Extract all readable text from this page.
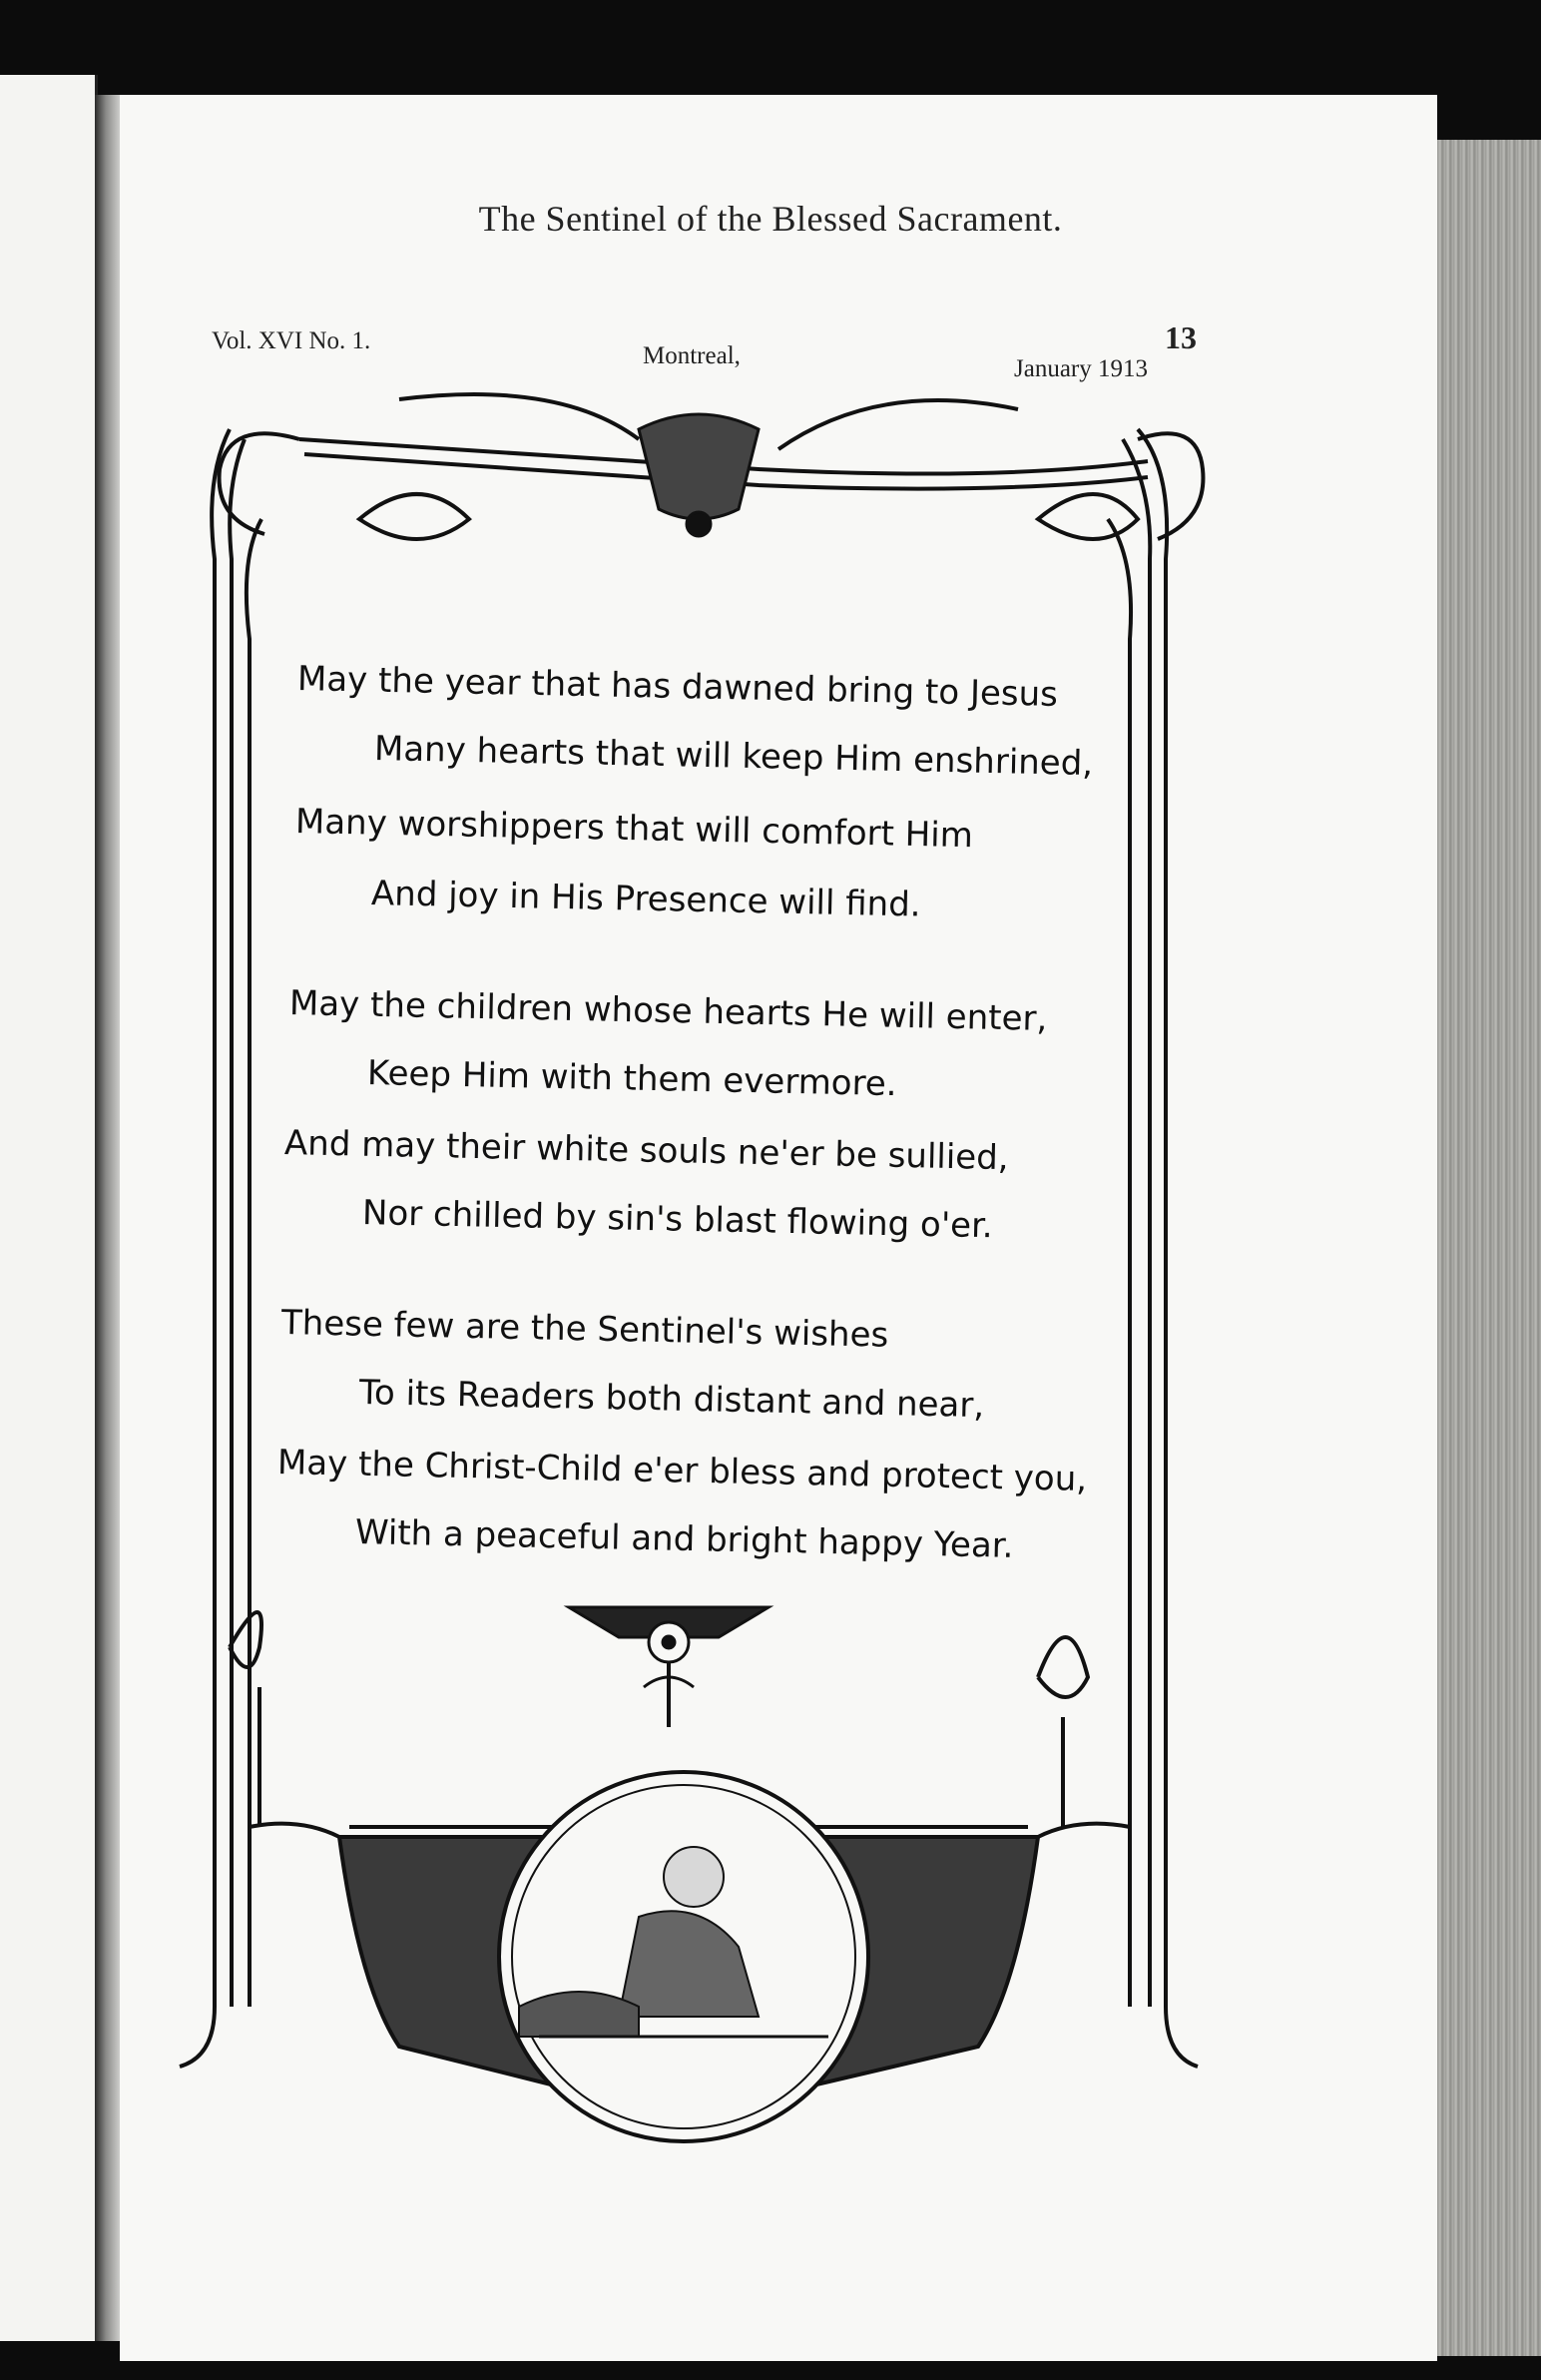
The Sentinel of the Blessed Sacrament.
Vol. XVI No. 1.
Montreal,	January 1913
13
May the year that has dawned bring to Jesus
Many hearts that will keep Him enshrined,
Many worshippers that will comfort Him
And joy in His Presence will find.
May the children whose hearts He will enter,
Keep Him with them evermore.
And may their white souls ne'er be sullied,
Nor chilled by sin's blast flowing o'er.
These few are the Sentinel's wishes
To its Readers both distant and near,
May the Christ-Child e'er bless and protect you,
With a peaceful and bright happy Year.
